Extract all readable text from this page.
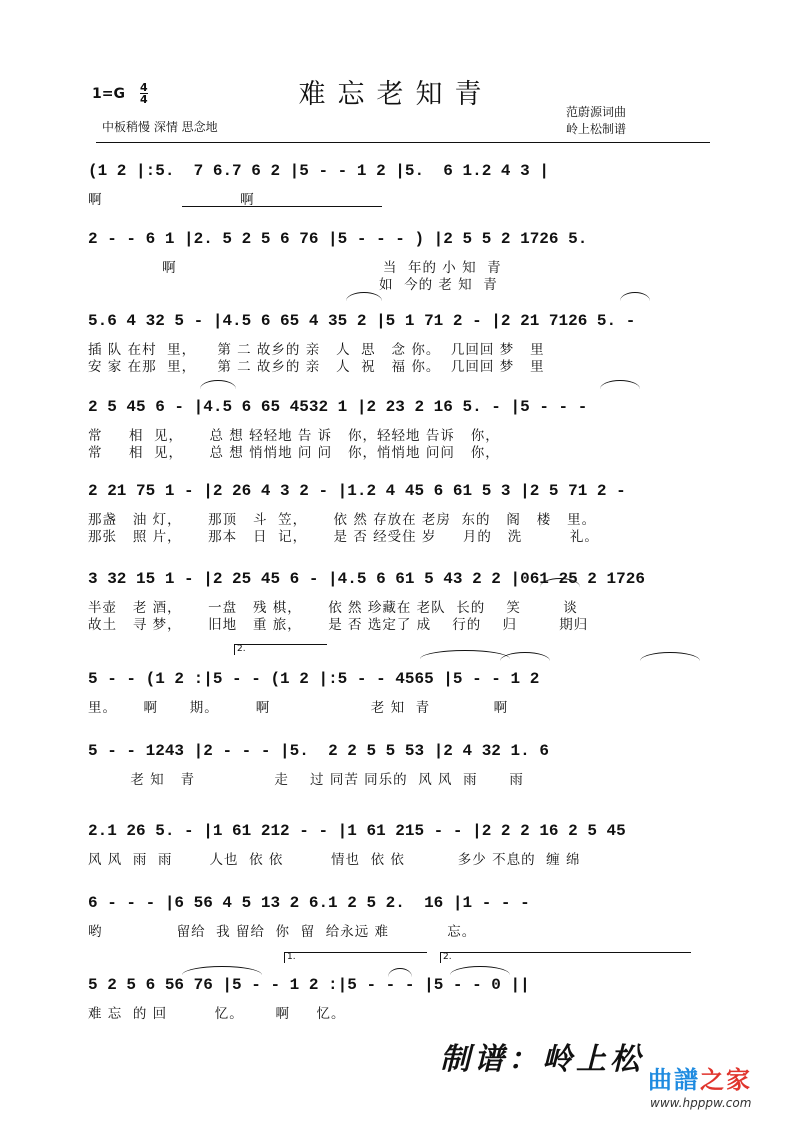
难忘老知青
1=G 4
4
中板稍慢 深情 思念地
范蔚源词曲
岭上松制谱
(1 2 | :5.  7 6.7 6 2 | 5 - - 1 2 | 5.  6 1.2 4 3 |
啊                          啊
2 - - 6 1 | 2. 5 2 5 6 76 | 5 - - - ) | 2 5 5 2 1726 5.
啊                                       当  年的 小 知  青
如  今的 老 知  青
5.6 4 32 5 - | 4.5 6 65 4 35 2 | 5 1 71 2 - | 2 21 7126 5. -
插 队 在村  里，    第 二 故乡的 亲   人  思   念 你。  几回回 梦   里
安 家 在那  里，    第 二 故乡的 亲   人  祝   福 你。  几回回 梦   里
2 5 45 6 - | 4.5 6 65 4532 1 | 2 23 2 16 5. - | 5 - - -
常     相  见，     总 想 轻轻地 告 诉   你，轻轻地 告诉   你，
常     相  见，     总 想 悄悄地 问 问   你，悄悄地 问问   你，
2 21 75 1 - | 2 26 4 3 2 - | 1.2 4 45 6 61 5 3 | 2 5 71 2 -
那盏   油 灯，     那顶   斗  笠，     依 然 存放在 老房  东的   阁   楼   里。
那张   照 片，     那本   日  记，     是 否 经受住 岁     月的   洗         礼。
3 32 15 1 - | 2 25 45 6 - | 4.5 6 61 5 43 2 2 | 061 25 2 1726
半壶   老 酒，     一盘   残 棋，     依 然 珍藏在 老队  长的    笑        谈
故土   寻 梦，     旧地   重 旅，     是 否 选定了 成    行的    归        期归
5 - - (1 2 : | 5 - - (1 2 | :5 - - 4565 | 5 - - 1 2
里。     啊      期。       啊                   老 知  青            啊
5 - - 1243 | 2 - - - | 5.  2 2 5 5 53 | 2 4 32 1. 6
老 知   青               走    过 同苦 同乐的  风 风  雨      雨
2.1 26 5. - | 1 61 212 - - | 1 61 215 - - | 2 2 2 16 2 5 45
风 风  雨  雨       人也  依 依         情也  依 依          多少 不息的  缠 绵
6 - - - | 6 56 4 5 13 2 6.1 2 5 2.  16 | 1 - - -
哟              留给  我 留给  你  留  给永远 难           忘。
5 2 5 6 56 76 | 5 - - 1 2 : | 5 - - - | 5 - - 0 | |
难 忘  的 回         忆。      啊     忆。
2.
1.	2.
制谱：岭上松
曲譜之家
www.hpppw.com
